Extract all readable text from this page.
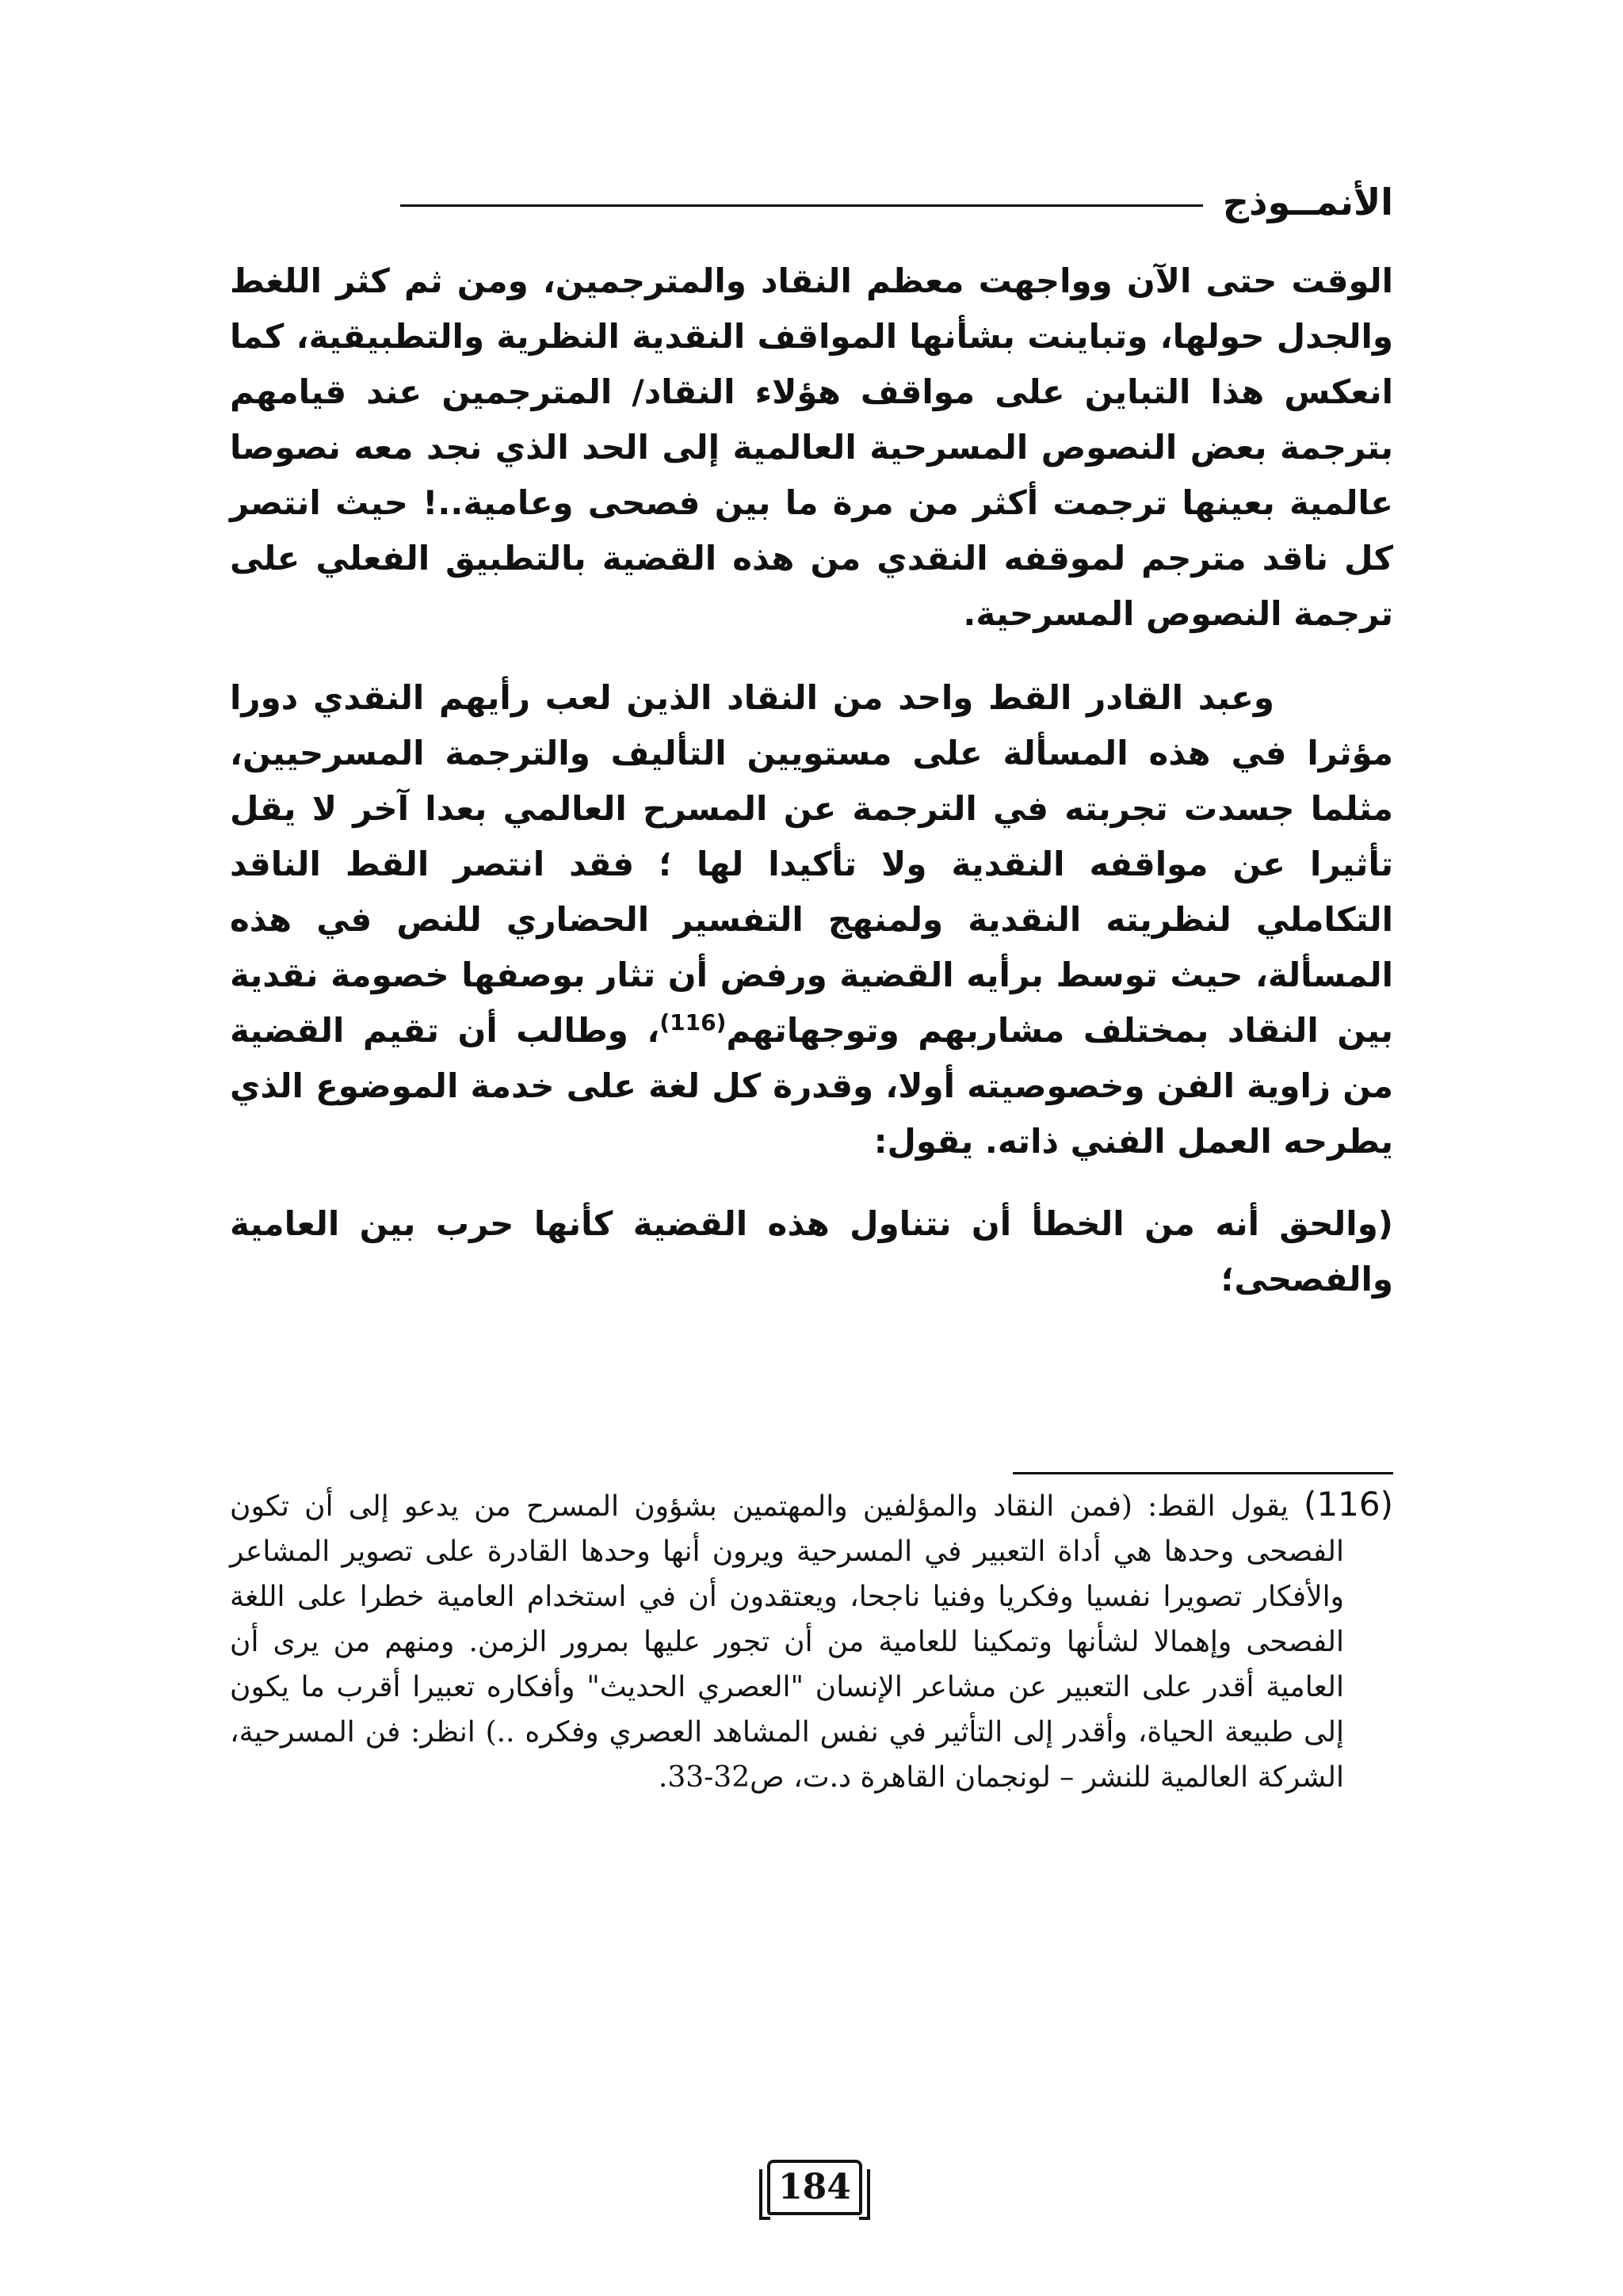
الأنمــوذج

الوقت حتى الآن وواجهت معظم النقاد والمترجمين، ومن ثم كثر اللغط والجدل حولها، وتباينت بشأنها المواقف النقدية النظرية والتطبيقية، كما انعكس هذا التباين على مواقف هؤلاء النقاد/ المترجمين عند قيامهم بترجمة بعض النصوص المسرحية العالمية إلى الحد الذي نجد معه نصوصا عالمية بعينها ترجمت أكثر من مرة ما بين فصحى وعامية..! حيث انتصر كل ناقد مترجم لموقفه النقدي من هذه القضية بالتطبيق الفعلي على ترجمة النصوص المسرحية.

وعبد القادر القط واحد من النقاد الذين لعب رأيهم النقدي دورا مؤثرا في هذه المسألة على مستويين التأليف والترجمة المسرحيين، مثلما جسدت تجربته في الترجمة عن المسرح العالمي بعدا آخر لا يقل تأثيرا عن مواقفه النقدية ولا تأكيدا لها ؛ فقد انتصر القط الناقد التكاملي لنظريته النقدية ولمنهج التفسير الحضاري للنص في هذه المسألة، حيث توسط برأيه القضية ورفض أن تثار بوصفها خصومة نقدية بين النقاد بمختلف مشاربهم وتوجهاتهم$^{(116)}$، وطالب أن تقيم القضية من زاوية الفن وخصوصيته أولا، وقدرة كل لغة على خدمة الموضوع الذي يطرحه العمل الفني ذاته. يقول:

(والحق أنه من الخطأ أن نتناول هذه القضية كأنها حرب بين العامية والفصحى؛

(116) يقول القط: (فمن النقاد والمؤلفين والمهتمين بشؤون المسرح من يدعو إلى أن تكون الفصحى وحدها هي أداة التعبير في المسرحية ويرون أنها وحدها القادرة على تصوير المشاعر والأفكار تصويرا نفسيا وفكريا وفنيا ناجحا، ويعتقدون أن في استخدام العامية خطرا على اللغة الفصحى وإهمالا لشأنها وتمكينا للعامية من أن تجور عليها بمرور الزمن. ومنهم من يرى أن العامية أقدر على التعبير عن مشاعر الإنسان "العصري الحديث" وأفكاره تعبيرا أقرب ما يكون إلى طبيعة الحياة، وأقدر إلى التأثير في نفس المشاهد العصري وفكره ..) انظر: فن المسرحية، الشركة العالمية للنشر – لونجمان القاهرة د.ت، ص32-33.

184
